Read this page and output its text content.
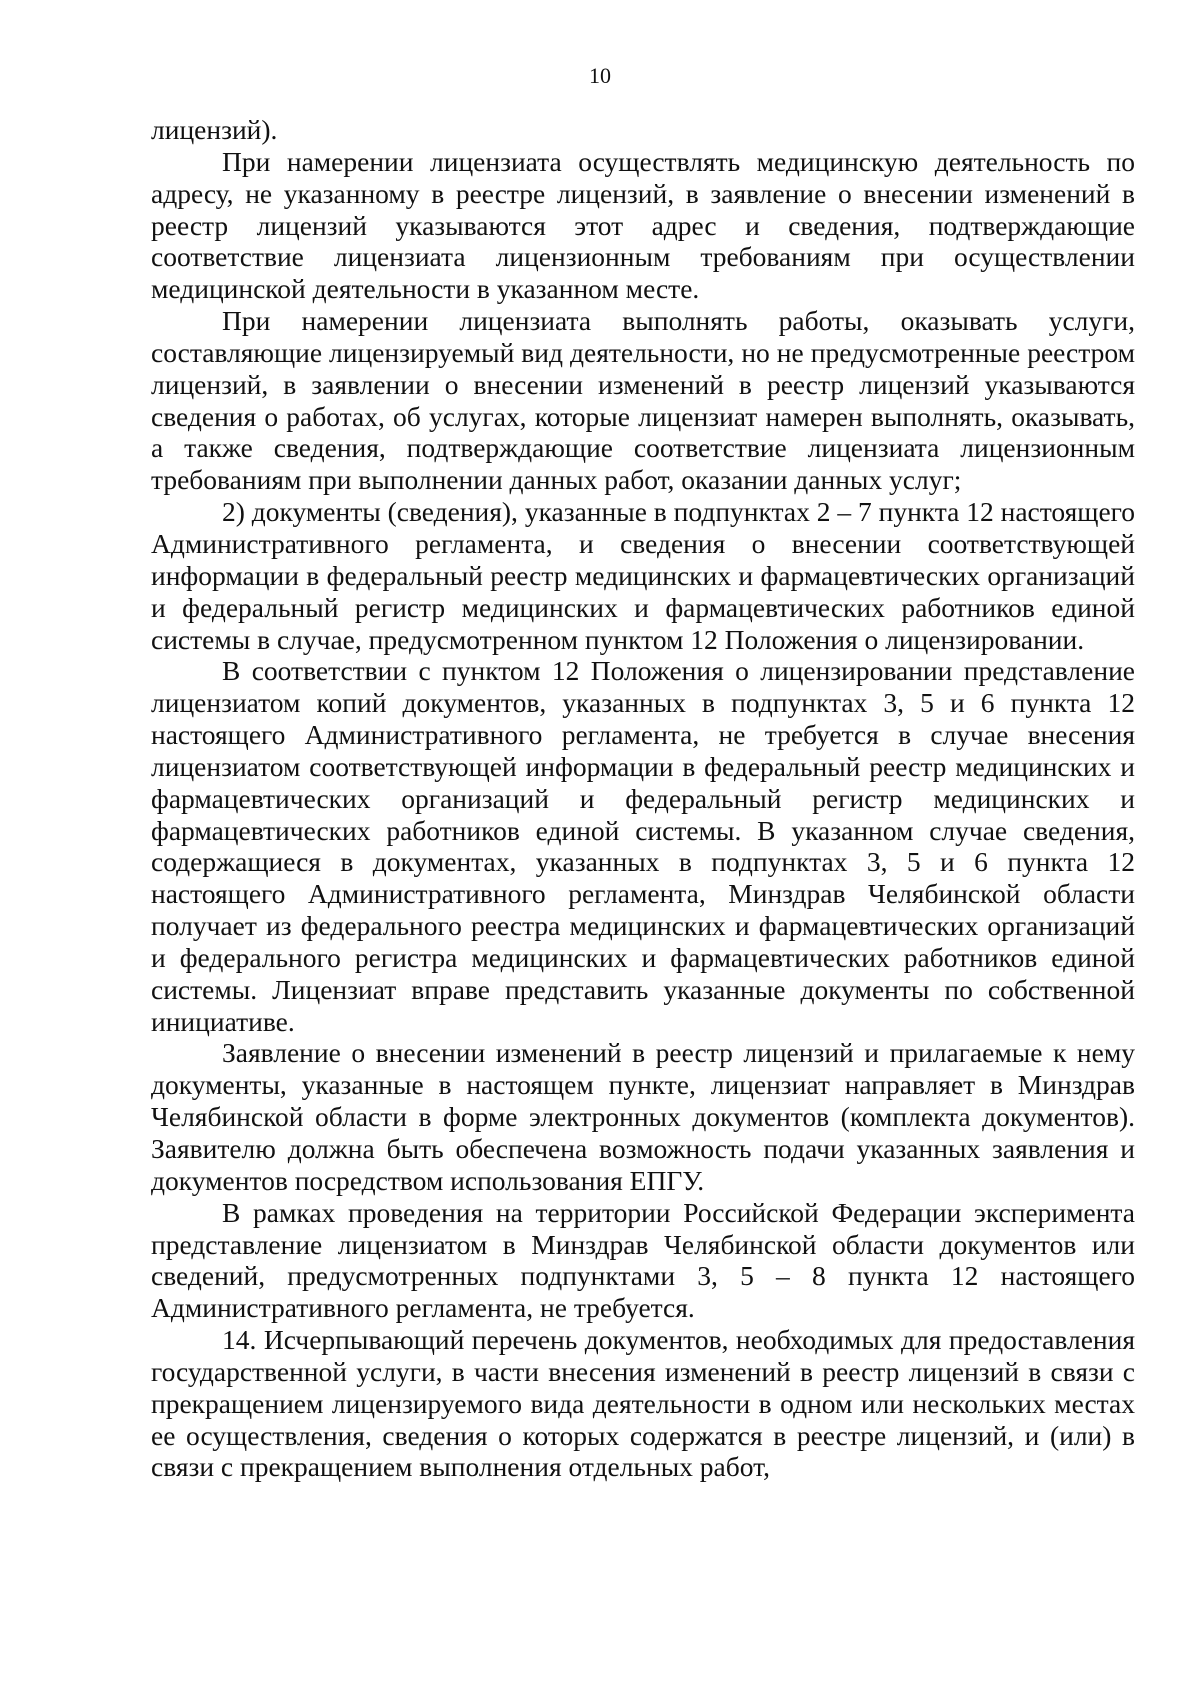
10

лицензий).

При намерении лицензиата осуществлять медицинскую деятельность по адресу, не указанному в реестре лицензий, в заявление о внесении изменений в реестр лицензий указываются этот адрес и сведения, подтверждающие соответствие лицензиата лицензионным требованиям при осуществлении медицинской деятельности в указанном месте.

При намерении лицензиата выполнять работы, оказывать услуги, составляющие лицензируемый вид деятельности, но не предусмотренные реестром лицензий, в заявлении о внесении изменений в реестр лицензий указываются сведения о работах, об услугах, которые лицензиат намерен выполнять, оказывать, а также сведения, подтверждающие соответствие лицензиата лицензионным требованиям при выполнении данных работ, оказании данных услуг;

2) документы (сведения), указанные в подпунктах 2 – 7 пункта 12 настоящего Административного регламента, и сведения о внесении соответствующей информации в федеральный реестр медицинских и фармацевтических организаций и федеральный регистр медицинских и фармацевтических работников единой системы в случае, предусмотренном пунктом 12 Положения о лицензировании.

В соответствии с пунктом 12 Положения о лицензировании представление лицензиатом копий документов, указанных в подпунктах 3, 5 и 6 пункта 12 настоящего Административного регламента, не требуется в случае внесения лицензиатом соответствующей информации в федеральный реестр медицинских и фармацевтических организаций и федеральный регистр медицинских и фармацевтических работников единой системы. В указанном случае сведения, содержащиеся в документах, указанных в подпунктах 3, 5 и 6 пункта 12 настоящего Административного регламента, Минздрав Челябинской области получает из федерального реестра медицинских и фармацевтических организаций и федерального регистра медицинских и фармацевтических работников единой системы. Лицензиат вправе представить указанные документы по собственной инициативе.

Заявление о внесении изменений в реестр лицензий и прилагаемые к нему документы, указанные в настоящем пункте, лицензиат направляет в Минздрав Челябинской области в форме электронных документов (комплекта документов). Заявителю должна быть обеспечена возможность подачи указанных заявления и документов посредством использования ЕПГУ.

В рамках проведения на территории Российской Федерации эксперимента представление лицензиатом в Минздрав Челябинской области документов или сведений, предусмотренных подпунктами 3, 5 – 8 пункта 12 настоящего Административного регламента, не требуется.

14. Исчерпывающий перечень документов, необходимых для предоставления государственной услуги, в части внесения изменений в реестр лицензий в связи с прекращением лицензируемого вида деятельности в одном или нескольких местах ее осуществления, сведения о которых содержатся в реестре лицензий, и (или) в связи с прекращением выполнения отдельных работ,
